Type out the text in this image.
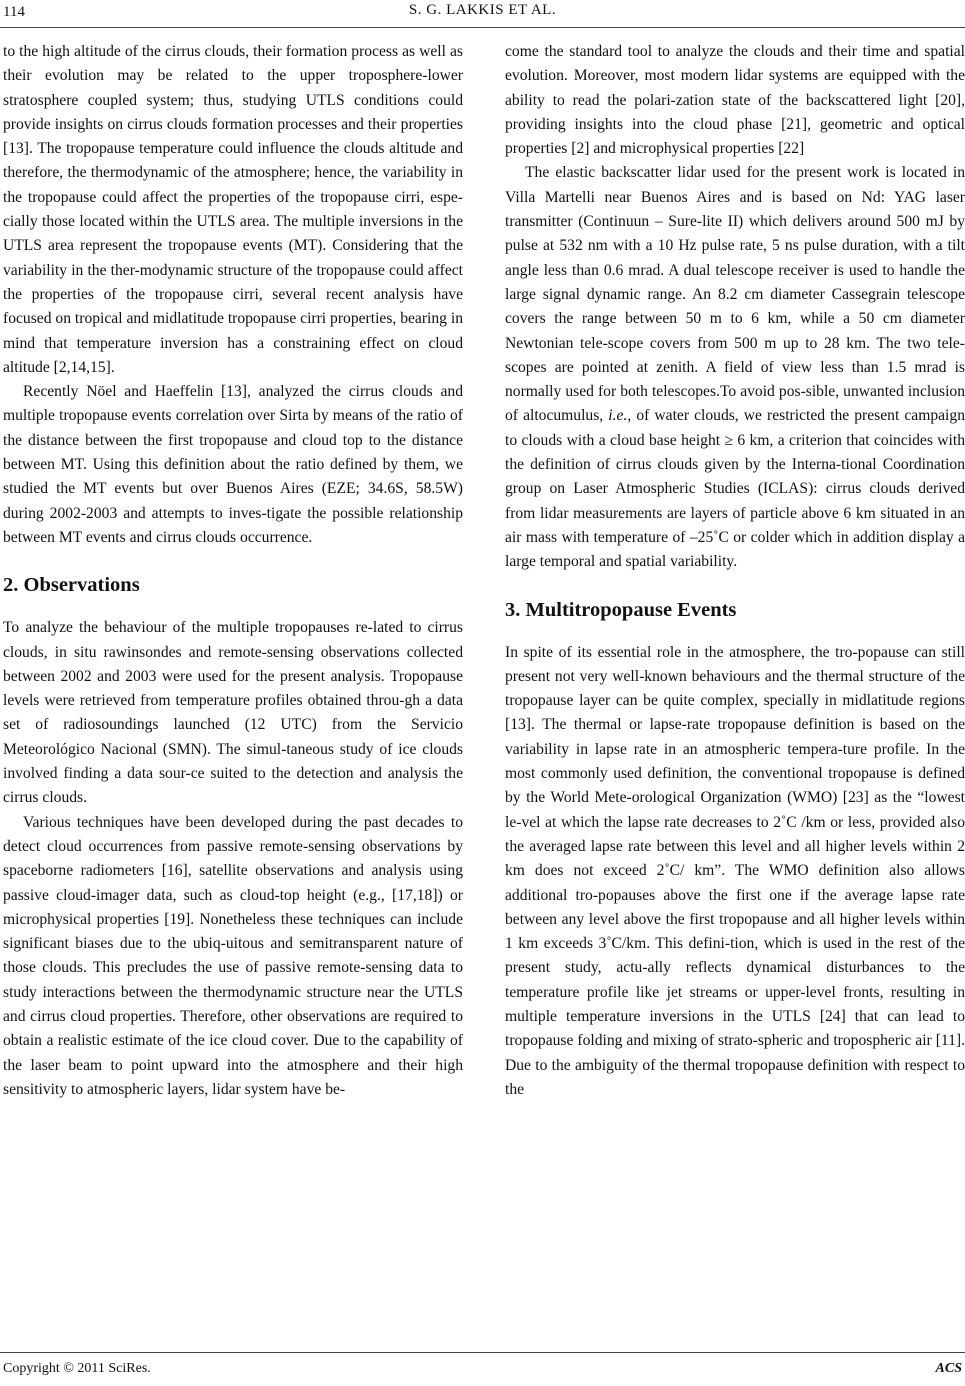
114	S. G. LAKKIS ET AL.

to the high altitude of the cirrus clouds, their formation process as well as their evolution may be related to the upper troposphere-lower stratosphere coupled system; thus, studying UTLS conditions could provide insights on cirrus clouds formation processes and their properties [13]. The tropopause temperature could influence the clouds altitude and therefore, the thermodynamic of the atmosphere; hence, the variability in the tropopause could affect the properties of the tropopause cirri, espe-cially those located within the UTLS area. The multiple inversions in the UTLS area represent the tropopause events (MT). Considering that the variability in the ther-modynamic structure of the tropopause could affect the properties of the tropopause cirri, several recent analysis have focused on tropical and midlatitude tropopause cirri properties, bearing in mind that temperature inversion has a constraining effect on cloud altitude [2,14,15].

Recently Nöel and Haeffelin [13], analyzed the cirrus clouds and multiple tropopause events correlation over Sirta by means of the ratio of the distance between the first tropopause and cloud top to the distance between MT. Using this definition about the ratio defined by them, we studied the MT events but over Buenos Aires (EZE; 34.6S, 58.5W) during 2002-2003 and attempts to inves-tigate the possible relationship between MT events and cirrus clouds occurrence.

2. Observations

To analyze the behaviour of the multiple tropopauses re-lated to cirrus clouds, in situ rawinsondes and remote-sensing observations collected between 2002 and 2003 were used for the present analysis. Tropopause levels were retrieved from temperature profiles obtained throu-gh a data set of radiosoundings launched (12 UTC) from the Servicio Meteorológico Nacional (SMN). The simul-taneous study of ice clouds involved finding a data sour-ce suited to the detection and analysis the cirrus clouds.

Various techniques have been developed during the past decades to detect cloud occurrences from passive remote-sensing observations by spaceborne radiometers [16], satellite observations and analysis using passive cloud-imager data, such as cloud-top height (e.g., [17,18]) or microphysical properties [19]. Nonetheless these techniques can include significant biases due to the ubiq-uitous and semitransparent nature of those clouds. This precludes the use of passive remote-sensing data to study interactions between the thermodynamic structure near the UTLS and cirrus cloud properties. Therefore, other observations are required to obtain a realistic estimate of the ice cloud cover. Due to the capability of the laser beam to point upward into the atmosphere and their high sensitivity to atmospheric layers, lidar system have be-

come the standard tool to analyze the clouds and their time and spatial evolution. Moreover, most modern lidar systems are equipped with the ability to read the polari-zation state of the backscattered light [20], providing insights into the cloud phase [21], geometric and optical properties [2] and microphysical properties [22]

The elastic backscatter lidar used for the present work is located in Villa Martelli near Buenos Aires and is based on Nd: YAG laser transmitter (Continuun – Sure-lite II) which delivers around 500 mJ by pulse at 532 nm with a 10 Hz pulse rate, 5 ns pulse duration, with a tilt angle less than 0.6 mrad. A dual telescope receiver is used to handle the large signal dynamic range. An 8.2 cm diameter Cassegrain telescope covers the range between 50 m to 6 km, while a 50 cm diameter Newtonian tele-scope covers from 500 m up to 28 km. The two tele-scopes are pointed at zenith. A field of view less than 1.5 mrad is normally used for both telescopes.To avoid pos-sible, unwanted inclusion of altocumulus, i.e., of water clouds, we restricted the present campaign to clouds with a cloud base height ≥ 6 km, a criterion that coincides with the definition of cirrus clouds given by the Interna-tional Coordination group on Laser Atmospheric Studies (ICLAS): cirrus clouds derived from lidar measurements are layers of particle above 6 km situated in an air mass with temperature of –25˚C or colder which in addition display a large temporal and spatial variability.

3. Multitropopause Events

In spite of its essential role in the atmosphere, the tro-popause can still present not very well-known behaviours and the thermal structure of the tropopause layer can be quite complex, specially in midlatitude regions [13]. The thermal or lapse-rate tropopause definition is based on the variability in lapse rate in an atmospheric tempera-ture profile. In the most commonly used definition, the conventional tropopause is defined by the World Mete-orological Organization (WMO) [23] as the “lowest le-vel at which the lapse rate decreases to 2˚C /km or less, provided also the averaged lapse rate between this level and all higher levels within 2 km does not exceed 2˚C/ km”. The WMO definition also allows additional tro-popauses above the first one if the average lapse rate between any level above the first tropopause and all higher levels within 1 km exceeds 3˚C/km. This defini-tion, which is used in the rest of the present study, actu-ally reflects dynamical disturbances to the temperature profile like jet streams or upper-level fronts, resulting in multiple temperature inversions in the UTLS [24] that can lead to tropopause folding and mixing of strato-spheric and tropospheric air [11]. Due to the ambiguity of the thermal tropopause definition with respect to the

Copyright © 2011 SciRes.	ACS
